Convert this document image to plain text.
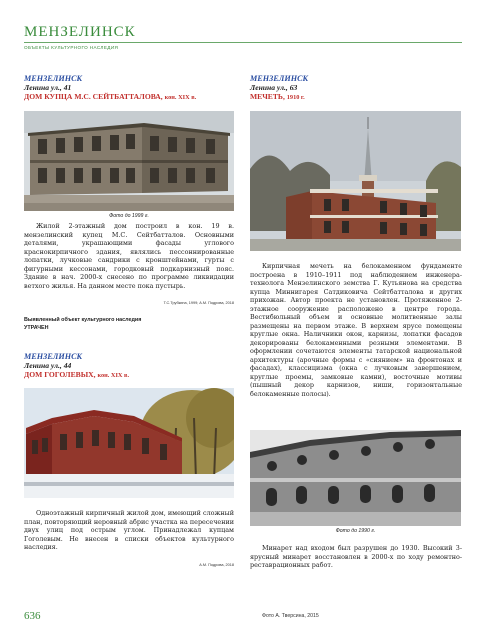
МЕНЗЕЛИНСК
ОБЪЕКТЫ КУЛЬТУРНОГО НАСЛЕДИЯ
МЕНЗЕЛИНСК
Ленина ул., 41
ДОМ КУПЦА М.С. СЕЙТБАТТАЛОВА, кон. XIX в.
Фото до 1999 г.

Жилой 2-этажный дом построил в кон. 19 в. мензелинский купец М.С. Сейтбатталов. Основными деталями, украшающими фасады углового краснокирпичного здания, являлись пессоннированные лопатки, лучковые сандрики с кронштейнами, гурты с фигурными кессонами, городковый подкарнизный пояс. Здание в нач. 2000-х снесено по программе ликвидации ветхого жилья. На данном месте пока пустырь.

Т.С.Трубкина, 1999; А.М. Подрова, 2018
Выявленный объект культурного наследия
УТРАЧЕН
МЕНЗЕЛИНСК
Ленина ул., 44
ДОМ ГОГОЛЕВЫХ, кон. XIX в.

Одноэтажный кирпичный жилой дом, имеющий сложный план, повторяющий неровный абрис участка на пересечении двух улиц под острым углом. Принадлежал купцам Гоголевым. Не внесен в списки объектов культурного наследия.

А.М. Подрова, 2018
МЕНЗЕЛИНСК
Ленина ул., 63
МЕЧЕТЬ, 1910 г.

Кирпичная мечеть на белокаменном фундаменте построена в 1910–1911 под наблюдением инженера-технолога Мензелинского земства Г. Кутьянова на средства купца Миннигарея Сатдиковича Сейтбатталова и других прихожан. Автор проекта не установлен. Протяженное 2-этажное сооружение расположено в центре города. Вестибюльный объем и основные молитвенные залы размещены на первом этаже. В верхнем ярусе помещены круглые окна. Наличники окон, карнизы, лопатки фасадов декорированы белокаменными резными элементами. В оформлении сочетаются элементы татарской национальной архитектуры (арочные формы с «сиянием» на фронтонах и фасадах), классицизма (окна с лучковым завершением, круглые проемы, замковые камни), восточные мотивы (пышный декор карнизов, ниши, горизонтальные белокаменные полосы).

Фото до 1990 г.

Минарет над входом был разрушен до 1930. Высокий 3-ярусный минарет восстановлен в 2000-х по ходу ремонтно-реставрационных работ.

636	Фото А. Тверсина, 2015
